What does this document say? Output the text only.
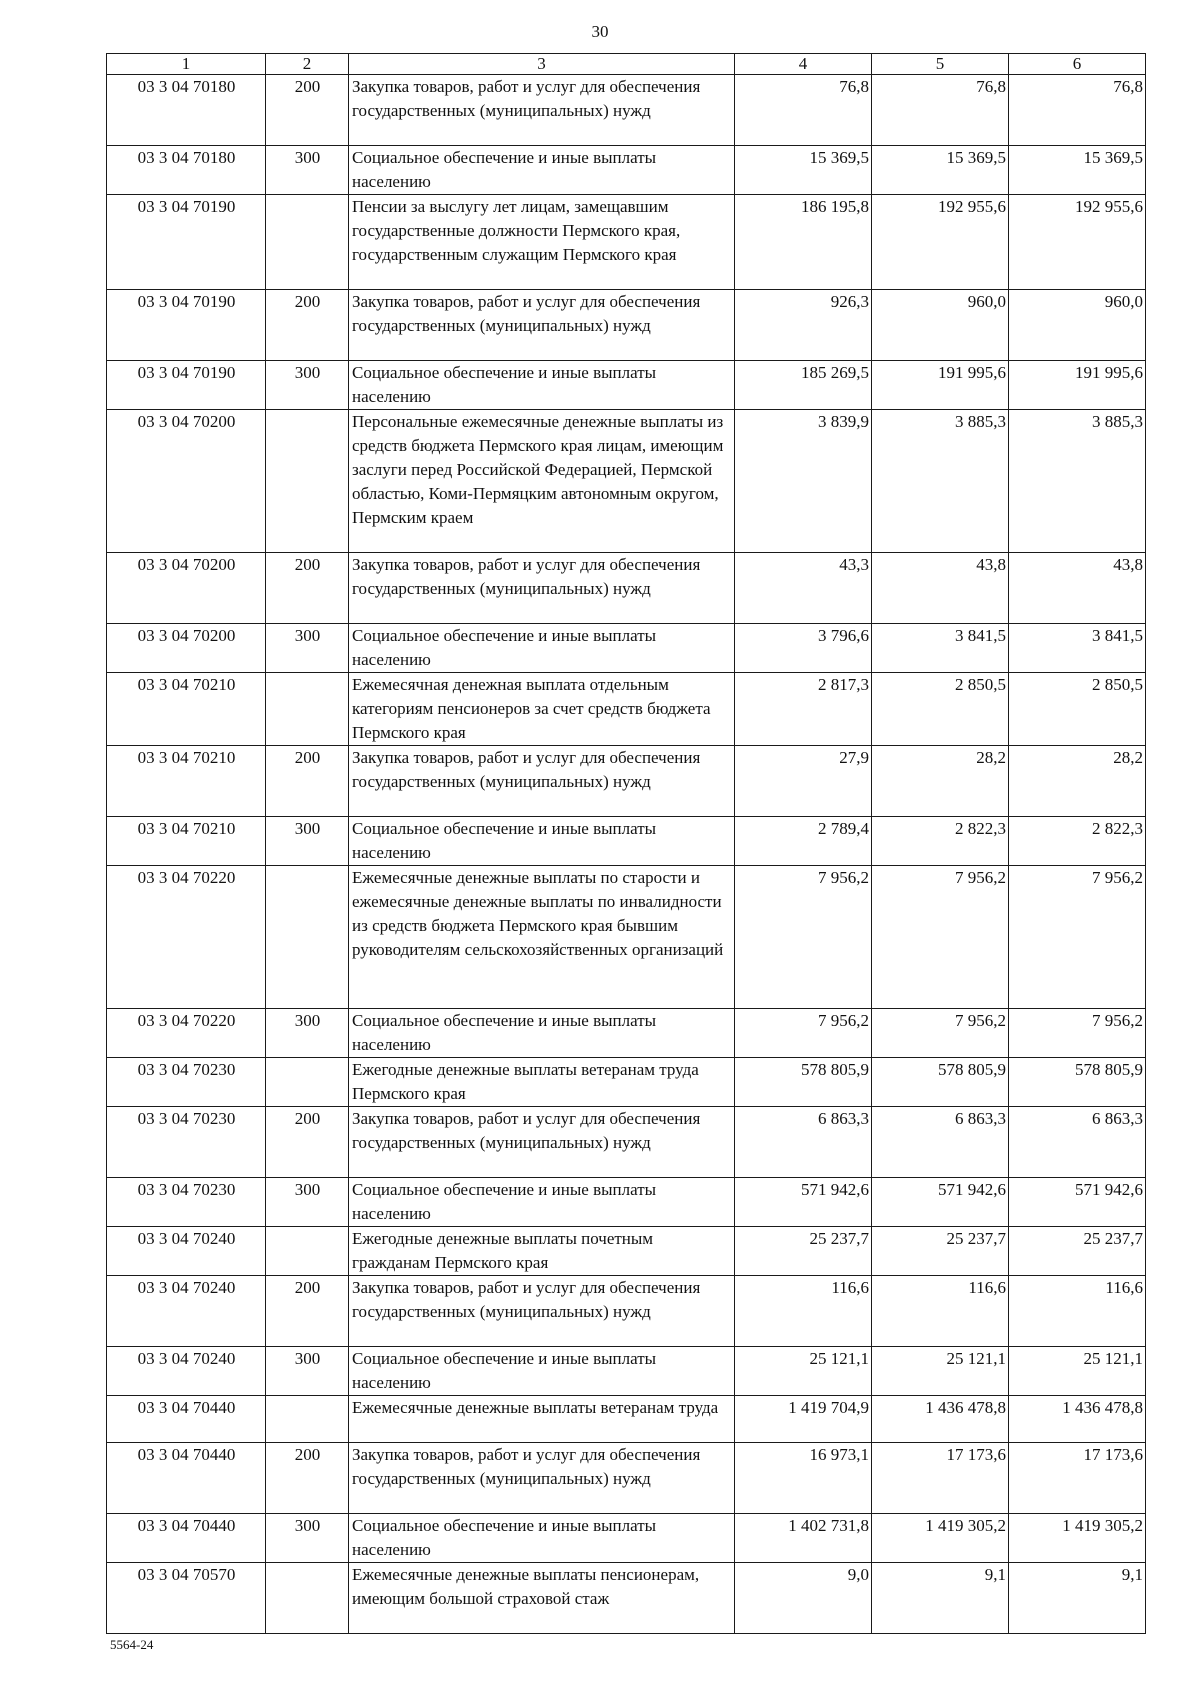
30
1	2	3	4	5	6
03 3 04 70180	200	Закупка товаров, работ и услуг для обеспечения государственных (муниципальных) нужд	76,8	76,8	76,8
03 3 04 70180	300	Социальное обеспечение и иные выплаты населению	15 369,5	15 369,5	15 369,5
03 3 04 70190		Пенсии за выслугу лет лицам, замещавшим государственные должности Пермского края, государственным служащим Пермского края	186 195,8	192 955,6	192 955,6
03 3 04 70190	200	Закупка товаров, работ и услуг для обеспечения государственных (муниципальных) нужд	926,3	960,0	960,0
03 3 04 70190	300	Социальное обеспечение и иные выплаты населению	185 269,5	191 995,6	191 995,6
03 3 04 70200		Персональные ежемесячные денежные выплаты из средств бюджета Пермского края лицам, имеющим заслуги перед Российской Федерацией, Пермской областью, Коми-Пермяцким автономным округом, Пермским краем	3 839,9	3 885,3	3 885,3
03 3 04 70200	200	Закупка товаров, работ и услуг для обеспечения государственных (муниципальных) нужд	43,3	43,8	43,8
03 3 04 70200	300	Социальное обеспечение и иные выплаты населению	3 796,6	3 841,5	3 841,5
03 3 04 70210		Ежемесячная денежная выплата отдельным категориям пенсионеров за счет средств бюджета Пермского края	2 817,3	2 850,5	2 850,5
03 3 04 70210	200	Закупка товаров, работ и услуг для обеспечения государственных (муниципальных) нужд	27,9	28,2	28,2
03 3 04 70210	300	Социальное обеспечение и иные выплаты населению	2 789,4	2 822,3	2 822,3
03 3 04 70220		Ежемесячные денежные выплаты по старости и ежемесячные денежные выплаты по инвалидности из средств бюджета Пермского края бывшим руководителям сельскохозяйственных организаций	7 956,2	7 956,2	7 956,2
03 3 04 70220	300	Социальное обеспечение и иные выплаты населению	7 956,2	7 956,2	7 956,2
03 3 04 70230		Ежегодные денежные выплаты ветеранам труда Пермского края	578 805,9	578 805,9	578 805,9
03 3 04 70230	200	Закупка товаров, работ и услуг для обеспечения государственных (муниципальных) нужд	6 863,3	6 863,3	6 863,3
03 3 04 70230	300	Социальное обеспечение и иные выплаты населению	571 942,6	571 942,6	571 942,6
03 3 04 70240		Ежегодные денежные выплаты почетным гражданам Пермского края	25 237,7	25 237,7	25 237,7
03 3 04 70240	200	Закупка товаров, работ и услуг для обеспечения государственных (муниципальных) нужд	116,6	116,6	116,6
03 3 04 70240	300	Социальное обеспечение и иные выплаты населению	25 121,1	25 121,1	25 121,1
03 3 04 70440		Ежемесячные денежные выплаты ветеранам труда	1 419 704,9	1 436 478,8	1 436 478,8
03 3 04 70440	200	Закупка товаров, работ и услуг для обеспечения государственных (муниципальных) нужд	16 973,1	17 173,6	17 173,6
03 3 04 70440	300	Социальное обеспечение и иные выплаты населению	1 402 731,8	1 419 305,2	1 419 305,2
03 3 04 70570		Ежемесячные денежные выплаты пенсионерам, имеющим большой страховой стаж	9,0	9,1	9,1
5564-24
